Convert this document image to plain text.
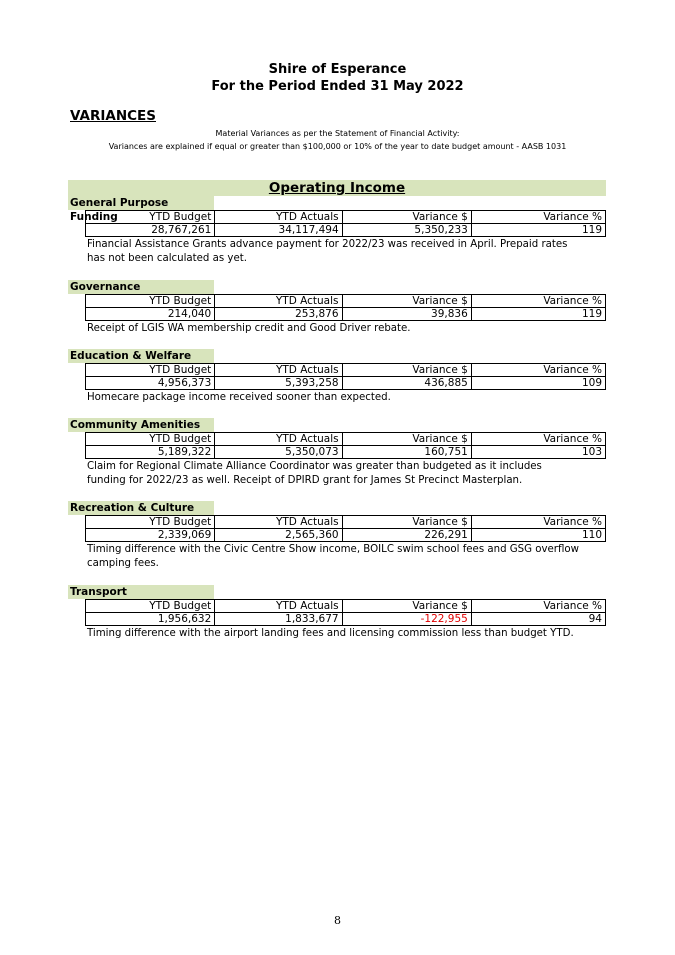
Shire of Esperance
For the Period Ended 31 May 2022
VARIANCES
Material Variances as per the Statement of Financial Activity:
Variances are explained if equal or greater than $100,000 or 10% of the year to date budget amount - AASB 1031
Operating Income
General Purpose Funding	YTD Budget	YTD Actuals	Variance $	Variance %
28,767,261	34,117,494	5,350,233	119
Financial Assistance Grants advance payment for 2022/23 was received in April. Prepaid rates
has not been calculated as yet.
Governance
YTD Budget	YTD Actuals	Variance $	Variance %
214,040	253,876	39,836	119
Receipt of LGIS WA membership credit and Good Driver rebate.
Education & Welfare
YTD Budget	YTD Actuals	Variance $	Variance %
4,956,373	5,393,258	436,885	109
Homecare package income received sooner than expected.
Community Amenities
YTD Budget	YTD Actuals	Variance $	Variance %
5,189,322	5,350,073	160,751	103
Claim for Regional Climate Alliance Coordinator was greater than budgeted as it includes
funding for 2022/23 as well. Receipt of DPIRD grant for James St Precinct Masterplan.
Recreation & Culture
YTD Budget	YTD Actuals	Variance $	Variance %
2,339,069	2,565,360	226,291	110
Timing difference with the Civic Centre Show income, BOILC swim school fees and GSG overflow
camping fees.
Transport
YTD Budget	YTD Actuals	Variance $	Variance %
1,956,632	1,833,677	-122,955	94
Timing difference with the airport landing fees and licensing commission less than budget YTD.
8
